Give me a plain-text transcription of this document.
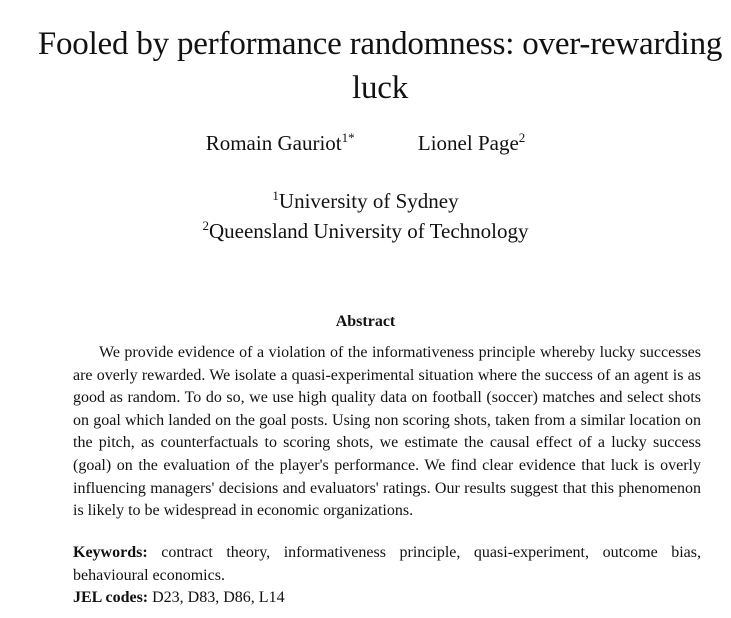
Fooled by performance randomness: over-rewarding luck
Romain Gauriot$^{1*}$	Lionel Page$^2$
$^1$University of Sydney
$^2$Queensland University of Technology
Abstract

We provide evidence of a violation of the informativeness principle whereby lucky successes are overly rewarded. We isolate a quasi-experimental situation where the success of an agent is as good as random. To do so, we use high quality data on football (soccer) matches and select shots on goal which landed on the goal posts. Using non scoring shots, taken from a similar location on the pitch, as counterfactuals to scoring shots, we estimate the causal effect of a lucky success (goal) on the evaluation of the player's performance. We find clear evidence that luck is overly influencing managers' decisions and evaluators' ratings. Our results suggest that this phenomenon is likely to be widespread in economic organizations.

Keywords: contract theory, informativeness principle, quasi-experiment, outcome bias, behavioural economics.

JEL codes: D23, D83, D86, L14
